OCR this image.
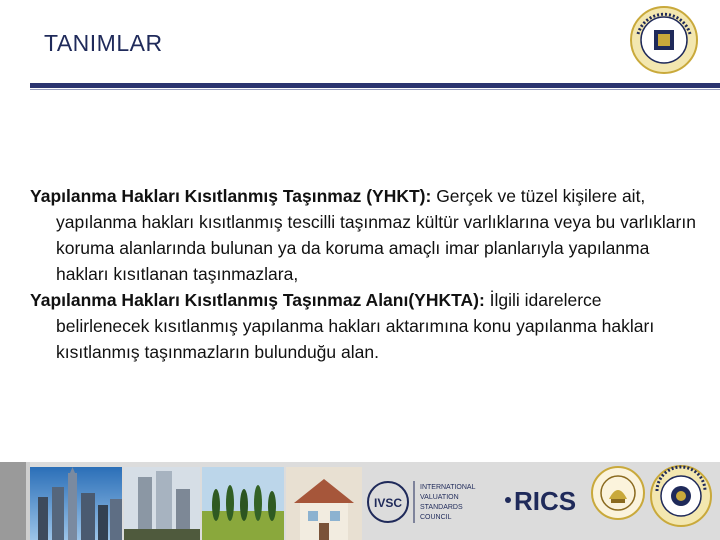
TANIMLAR

Yapılanma Hakları Kısıtlanmış Taşınmaz (YHKT): Gerçek ve tüzel kişilere ait, yapılanma hakları kısıtlanmış tescilli taşınmaz kültür varlıklarına veya bu varlıkların koruma alanlarında bulunan ya da koruma amaçlı imar planlarıyla yapılanma hakları kısıtlanan taşınmazlara,

Yapılanma Hakları Kısıtlanmış Taşınmaz Alanı(YHKTA): İlgili idarelerce belirlenecek kısıtlanmış yapılanma hakları aktarımına konu yapılanma hakları kısıtlanmış taşınmazların bulunduğu alan.

IVSC
INTERNATIONAL
VALUATION
STANDARDS
COUNCIL
RICS
